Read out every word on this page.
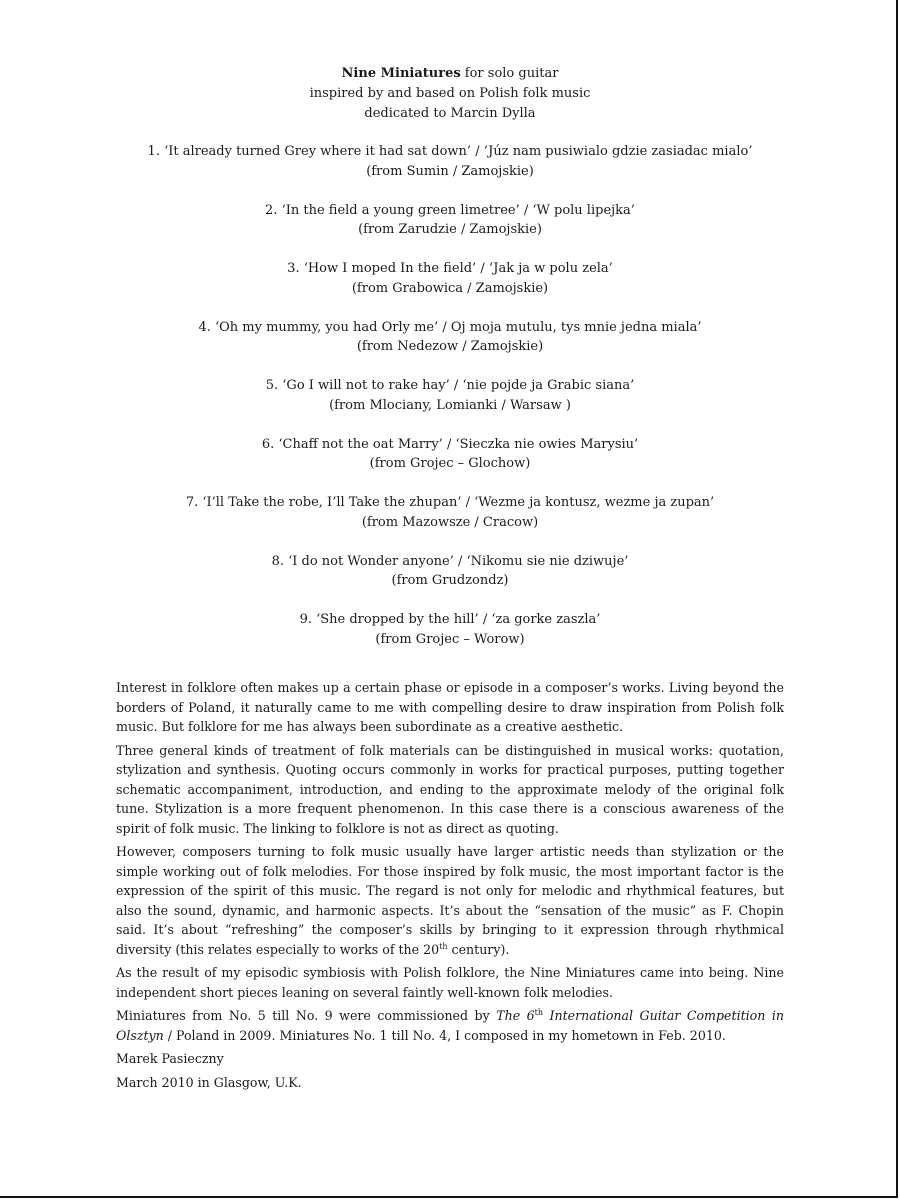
Nine Miniatures for solo guitar
inspired by and based on Polish folk music
dedicated to Marcin Dylla
1. ‘It already turned Grey where it had sat down’ / ‘Júz nam pusiwialo gdzie zasiadac mialo’
(from Sumin / Zamojskie)
2. ‘In the field a young green limetree’ / ‘W polu lipejka’
(from Zarudzie / Zamojskie)
3. ‘How I moped In the field’ / ‘Jak ja w polu zela’
(from Grabowica / Zamojskie)
4. ‘Oh my mummy, you had Orly me’ / Oj moja mutulu, tys mnie jedna miala’
(from Nedezow / Zamojskie)
5. ‘Go I will not to rake hay’ / ‘nie pojde ja Grabic siana’
(from Mlociany, Lomianki / Warsaw )
6. ‘Chaff not the oat Marry’ / ‘Sieczka nie owies Marysiu’
(from Grojec – Glochow)
7. ‘I’ll Take the robe, I’ll Take the zhupan’ / ‘Wezme ja kontusz, wezme ja zupan’
(from Mazowsze / Cracow)
8. ‘I do not Wonder anyone’ / ‘Nikomu sie nie dziwuje’
(from Grudzondz)
9. ‘She dropped by the hill’ / ‘za gorke zaszla’
(from Grojec – Worow)

Interest in folklore often makes up a certain phase or episode in a composer’s works. Living beyond the borders of Poland, it naturally came to me with compelling desire to draw inspiration from Polish folk music. But folklore for me has always been subordinate as a creative aesthetic.

Three general kinds of treatment of folk materials can be distinguished in musical works: quotation, stylization and synthesis. Quoting occurs commonly in works for practical purposes, putting together schematic accompaniment, introduction, and ending to the approximate melody of the original folk tune. Stylization is a more frequent phenomenon. In this case there is a conscious awareness of the spirit of folk music. The linking to folklore is not as direct as quoting.

However, composers turning to folk music usually have larger artistic needs than stylization or the simple working out of folk melodies. For those inspired by folk music, the most important factor is the expression of the spirit of this music. The regard is not only for melodic and rhythmical features, but also the sound, dynamic, and harmonic aspects. It’s about the “sensation of the music” as F. Chopin said. It’s about “refreshing” the composer’s skills by bringing to it expression through rhythmical diversity (this relates especially to works of the 20th century).

As the result of my episodic symbiosis with Polish folklore, the Nine Miniatures came into being. Nine independent short pieces leaning on several faintly well-known folk melodies.

Miniatures from No. 5 till No. 9 were commissioned by The 6th International Guitar Competition in Olsztyn / Poland in 2009. Miniatures No. 1 till No. 4, I composed in my hometown in Feb. 2010.

Marek Pasieczny

March 2010 in Glasgow, U.K.
